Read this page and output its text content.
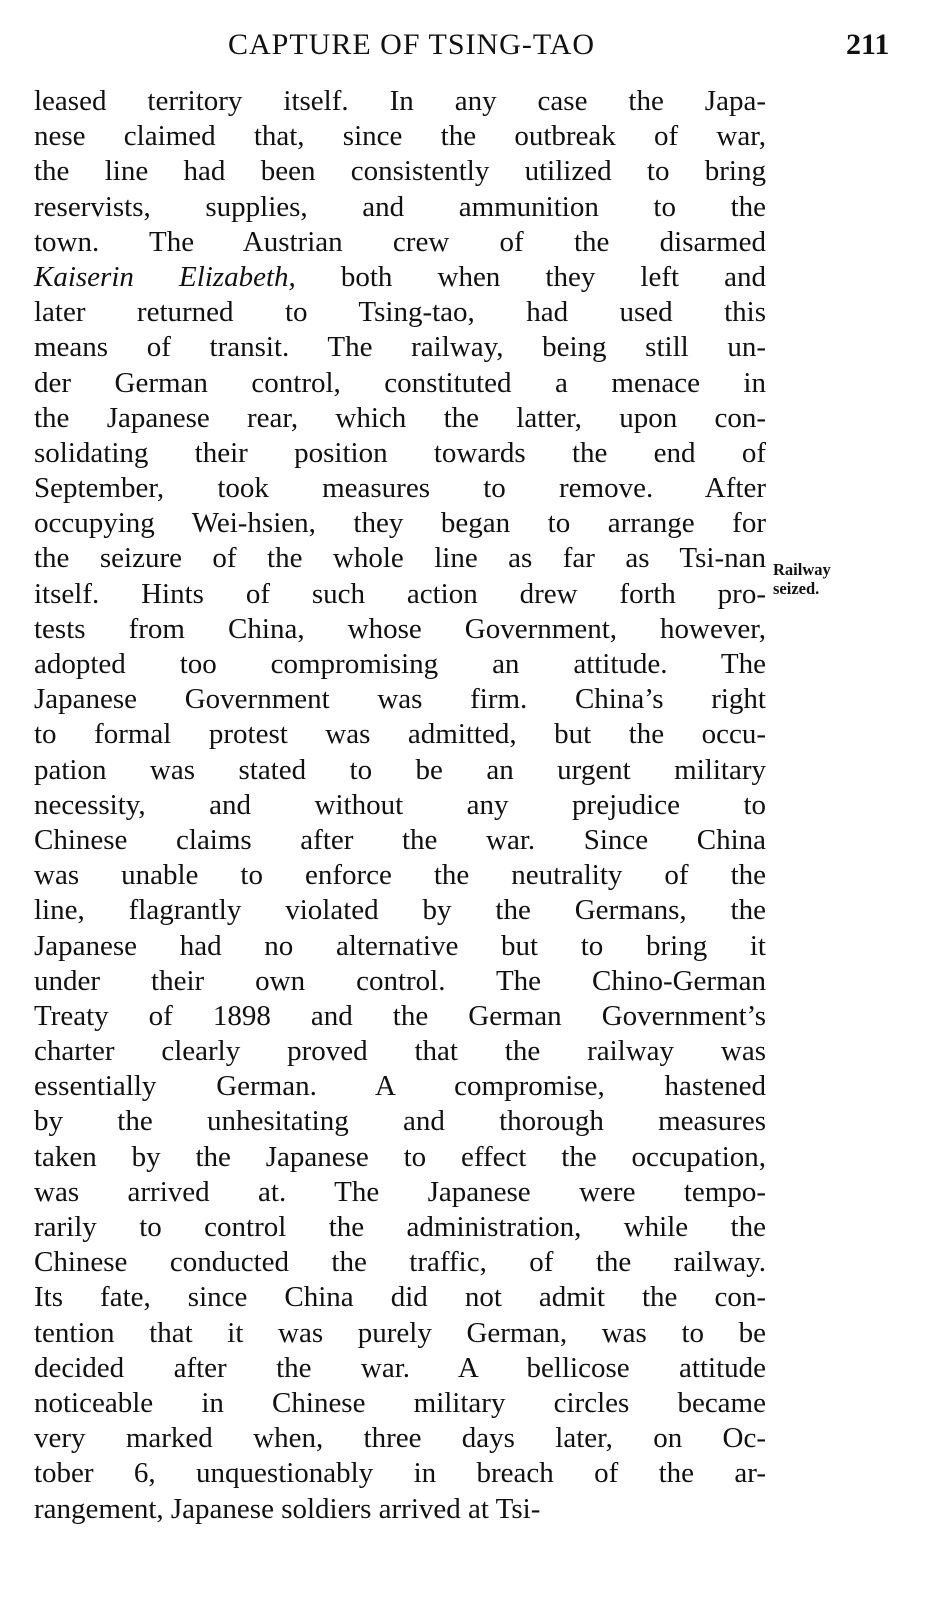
CAPTURE OF TSING-TAO	211
leased territory itself. In any case the Japa-
nese claimed that, since the outbreak of war,
the line had been consistently utilized to bring
reservists, supplies, and ammunition to the
town. The Austrian crew of the disarmed
Kaiserin Elizabeth, both when they left and
later returned to Tsing-tao, had used this
means of transit. The railway, being still un-
der German control, constituted a menace in
the Japanese rear, which the latter, upon con-
solidating their position towards the end of
September, took measures to remove. After
occupying Wei-hsien, they began to arrange for
the seizure of the whole line as far as Tsi-nan
itself. Hints of such action drew forth pro-
tests from China, whose Government, however,
adopted too compromising an attitude. The
Japanese Government was firm. China’s right
to formal protest was admitted, but the occu-
pation was stated to be an urgent military
necessity, and without any prejudice to
Chinese claims after the war. Since China
was unable to enforce the neutrality of the
line, flagrantly violated by the Germans, the
Japanese had no alternative but to bring it
under their own control. The Chino-German
Treaty of 1898 and the German Government’s
charter clearly proved that the railway was
essentially German. A compromise, hastened
by the unhesitating and thorough measures
taken by the Japanese to effect the occupation,
was arrived at. The Japanese were tempo-
rarily to control the administration, while the
Chinese conducted the traffic, of the railway.
Its fate, since China did not admit the con-
tention that it was purely German, was to be
decided after the war. A bellicose attitude
noticeable in Chinese military circles became
very marked when, three days later, on Oc-
tober 6, unquestionably in breach of the ar-
rangement, Japanese soldiers arrived at Tsi-
Railway
seized.
